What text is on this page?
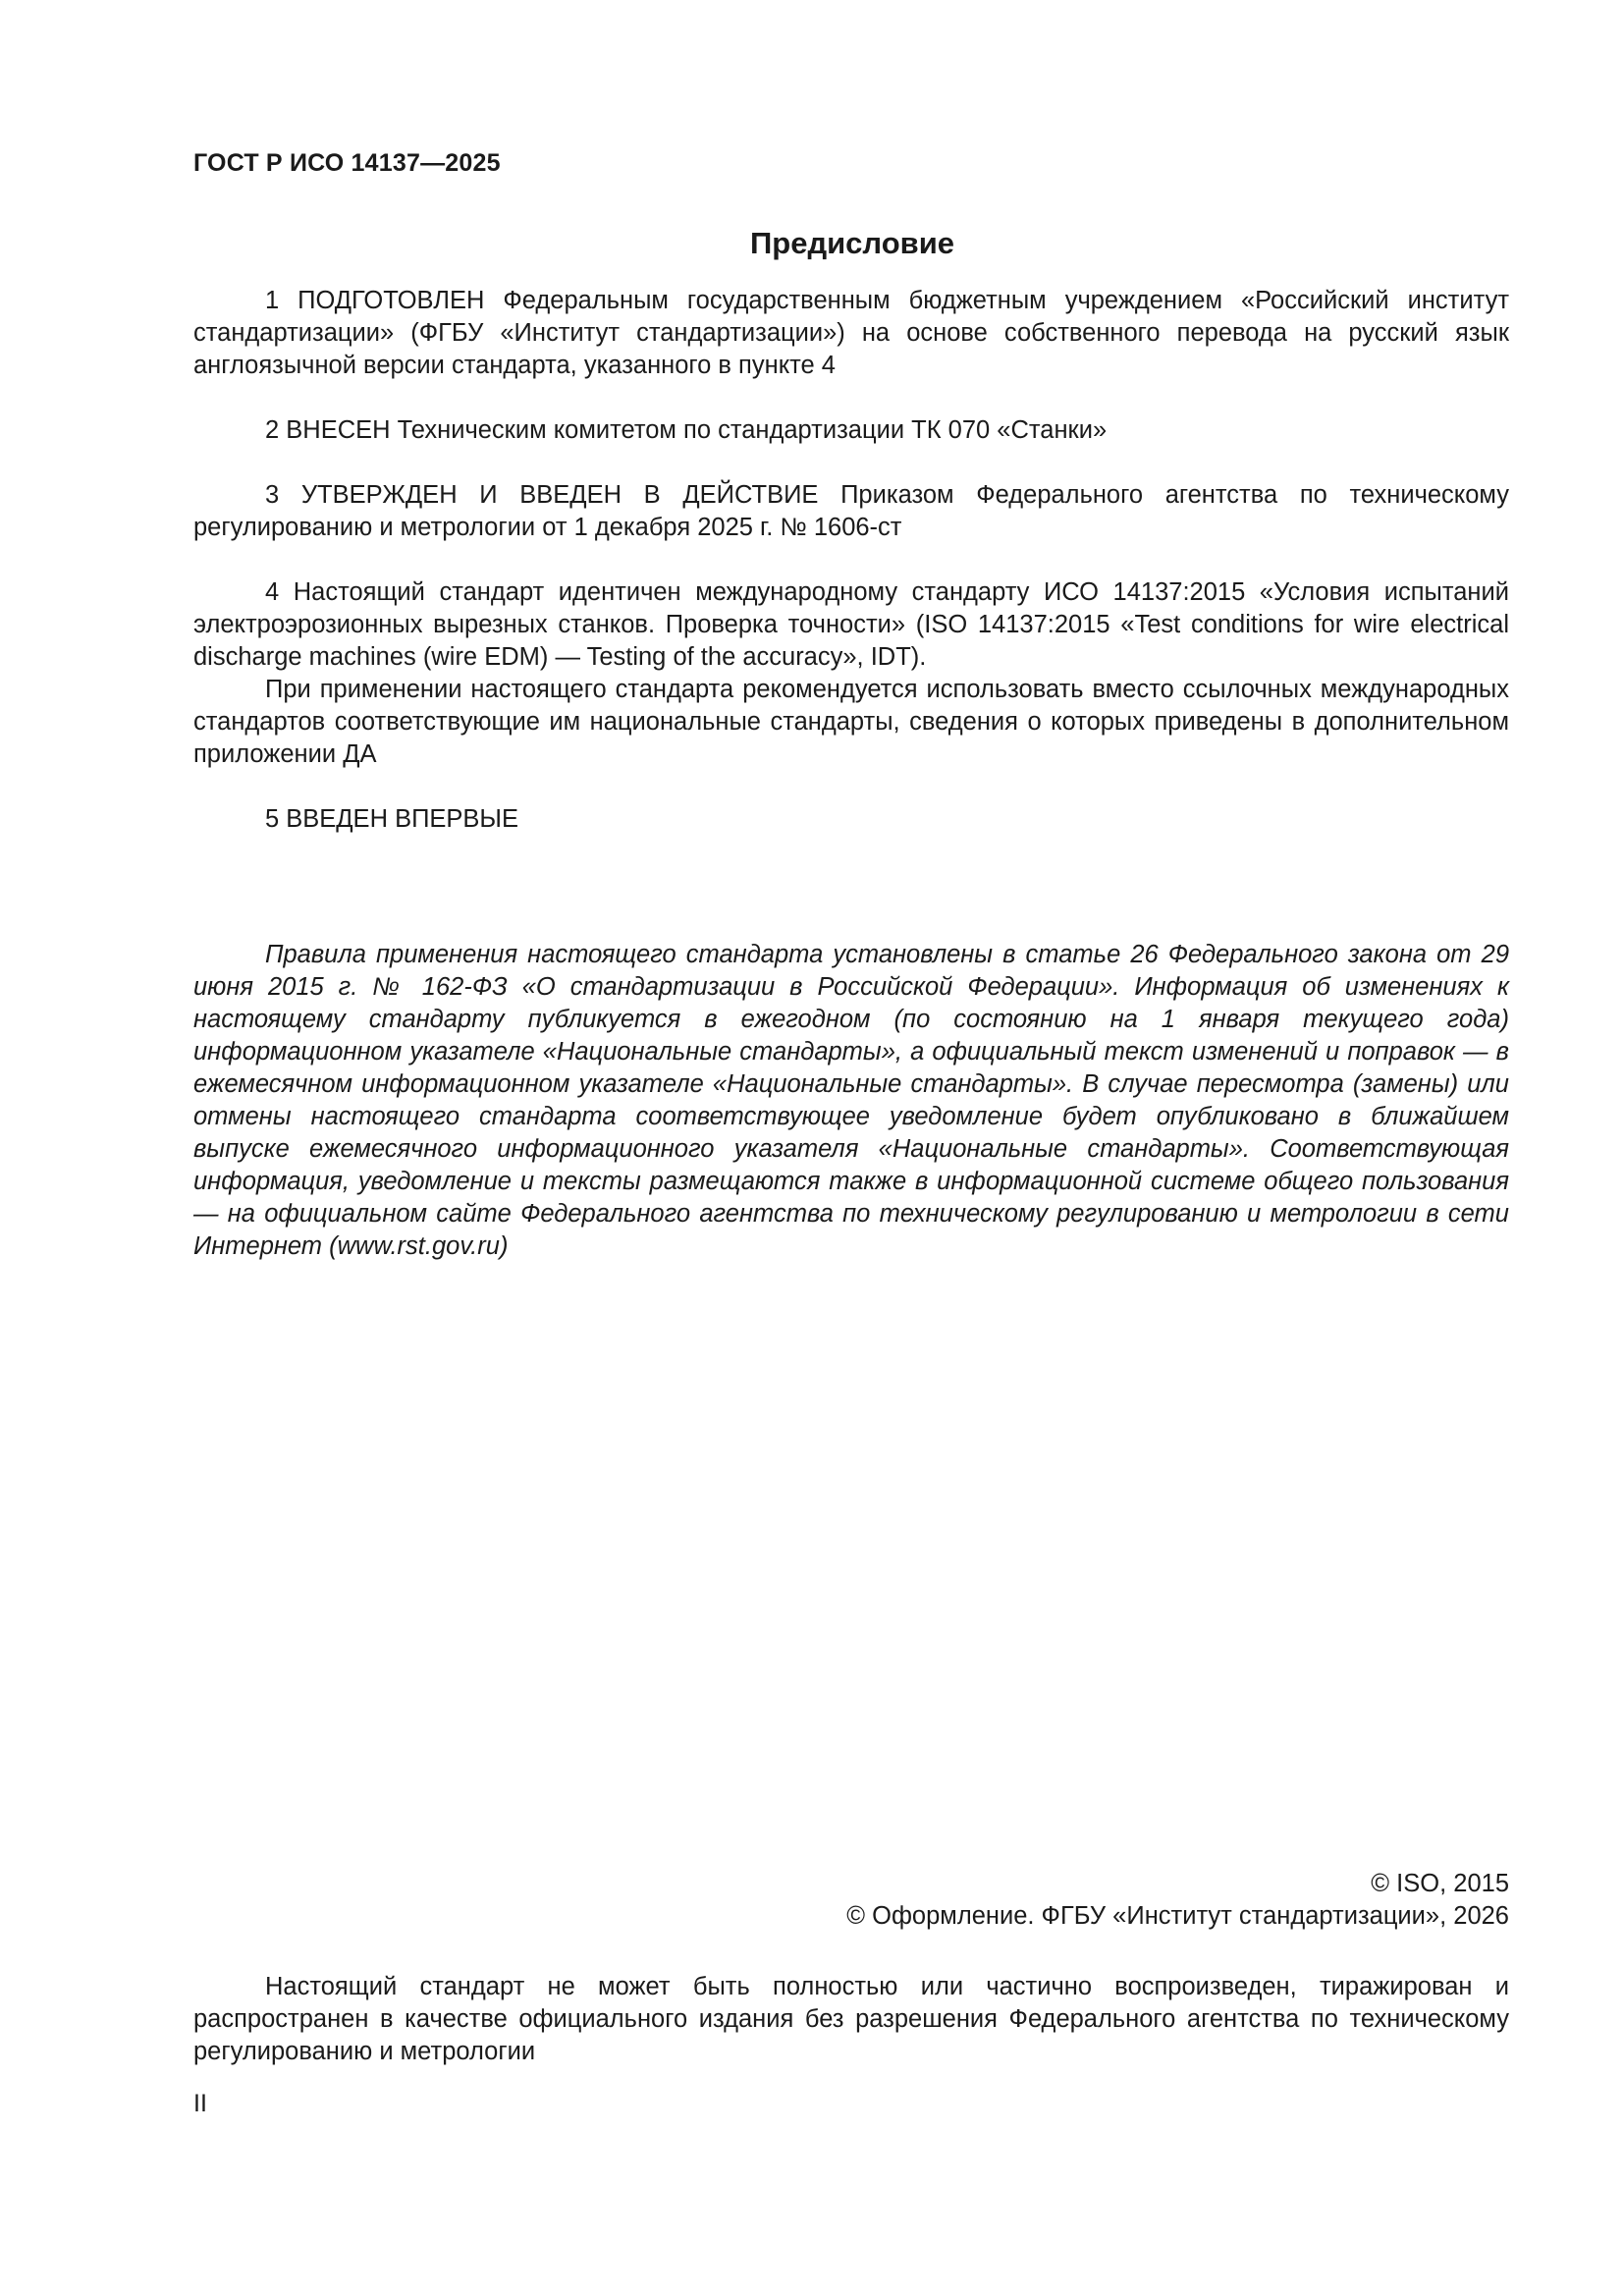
ГОСТ Р ИСО 14137—2025
Предисловие

1 ПОДГОТОВЛЕН Федеральным государственным бюджетным учреждением «Российский институт стандартизации» (ФГБУ «Институт стандартизации») на основе собственного перевода на русский язык англоязычной версии стандарта, указанного в пункте 4

2 ВНЕСЕН Техническим комитетом по стандартизации ТК 070 «Станки»

3 УТВЕРЖДЕН И ВВЕДЕН В ДЕЙСТВИЕ Приказом Федерального агентства по техническому регулированию и метрологии от 1 декабря 2025 г. № 1606-ст

4 Настоящий стандарт идентичен международному стандарту ИСО 14137:2015 «Условия испытаний электроэрозионных вырезных станков. Проверка точности» (ISO 14137:2015 «Test conditions for wire electrical discharge machines (wire EDM) — Testing of the accuracy», IDT).

При применении настоящего стандарта рекомендуется использовать вместо ссылочных международных стандартов соответствующие им национальные стандарты, сведения о которых приведены в дополнительном приложении ДА

5 ВВЕДЕН ВПЕРВЫЕ

Правила применения настоящего стандарта установлены в статье 26 Федерального закона от 29 июня 2015 г. № 162-ФЗ «О стандартизации в Российской Федерации». Информация об изменениях к настоящему стандарту публикуется в ежегодном (по состоянию на 1 января текущего года) информационном указателе «Национальные стандарты», а официальный текст изменений и поправок — в ежемесячном информационном указателе «Национальные стандарты». В случае пересмотра (замены) или отмены настоящего стандарта соответствующее уведомление будет опубликовано в ближайшем выпуске ежемесячного информационного указателя «Национальные стандарты». Соответствующая информация, уведомление и тексты размещаются также в информационной системе общего пользования — на официальном сайте Федерального агентства по техническому регулированию и метрологии в сети Интернет (www.rst.gov.ru)
© ISO, 2015
© Оформление. ФГБУ «Институт стандартизации», 2026
Настоящий стандарт не может быть полностью или частично воспроизведен, тиражирован и распространен в качестве официального издания без разрешения Федерального агентства по техническому регулированию и метрологии
II
